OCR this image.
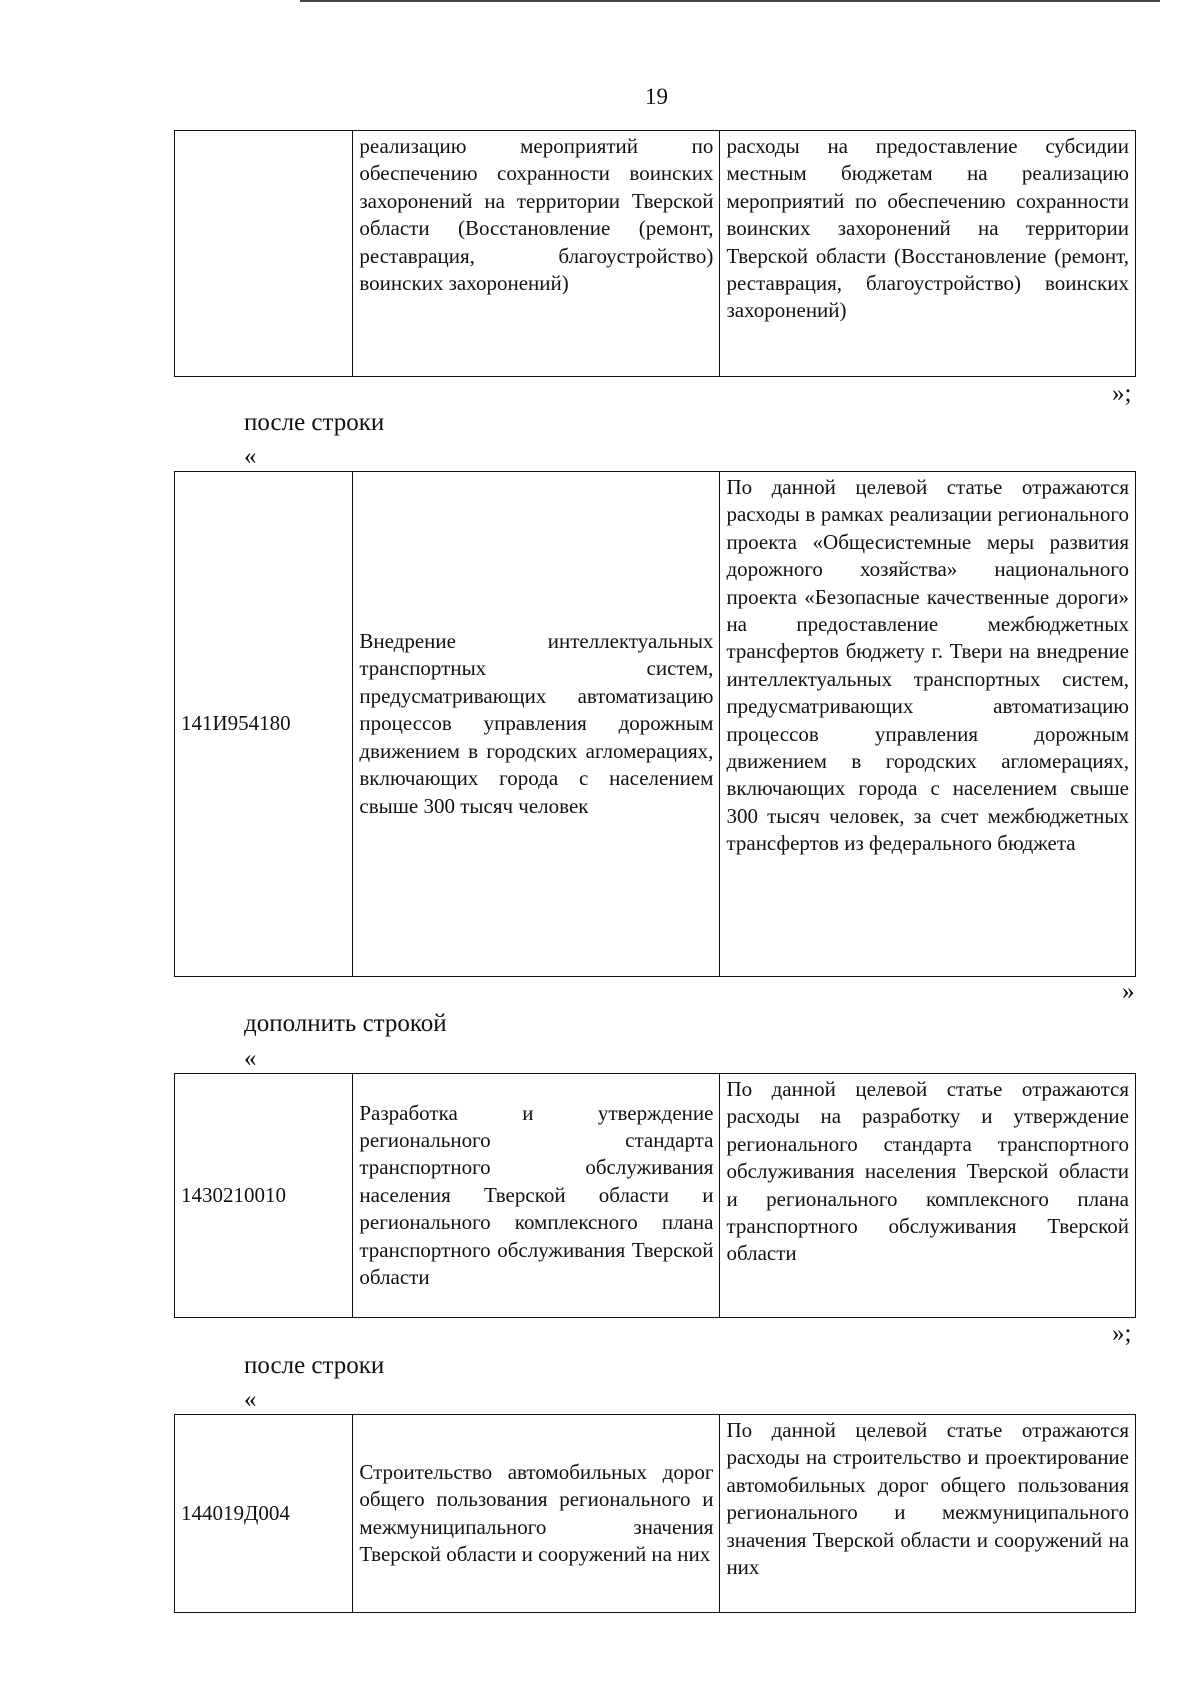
19
	реализацию мероприятий по обеспечению сохранности воинских захоронений на территории Тверской области (Восстановление (ремонт, реставрация, благоустройство) воинских захоронений)	расходы на предоставление субсидии местным бюджетам на реализацию мероприятий по обеспечению сохранности воинских захоронений на территории Тверской области (Восстановление (ремонт, реставрация, благоустройство) воинских захоронений)
»;
после строки
«
141И954180	Внедрение интеллектуальных транспортных систем, предусматривающих автоматизацию процессов управления дорожным движением в городских агломерациях, включающих города с населением свыше 300 тысяч человек	По данной целевой статье отражаются расходы в рамках реализации регионального проекта «Общесистемные меры развития дорожного хозяйства» национального проекта «Безопасные качественные дороги» на предоставление межбюджетных трансфертов бюджету г. Твери на внедрение интеллектуальных транспортных систем, предусматривающих автоматизацию процессов управления дорожным движением в городских агломерациях, включающих города с населением свыше 300 тысяч человек, за счет межбюджетных трансфертов из федерального бюджета
»
дополнить строкой
«
1430210010	Разработка и утверждение регионального стандарта транспортного обслуживания населения Тверской области и регионального комплексного плана транспортного обслуживания Тверской области	По данной целевой статье отражаются расходы на разработку и утверждение регионального стандарта транспортного обслуживания населения Тверской области и регионального комплексного плана транспортного обслуживания Тверской области
»;
после строки
«
144019Д004	Строительство автомобильных дорог общего пользования регионального и межмуниципального значения Тверской области и сооружений на них	По данной целевой статье отражаются расходы на строительство и проектирование автомобильных дорог общего пользования регионального и межмуниципального значения Тверской области и сооружений на них
